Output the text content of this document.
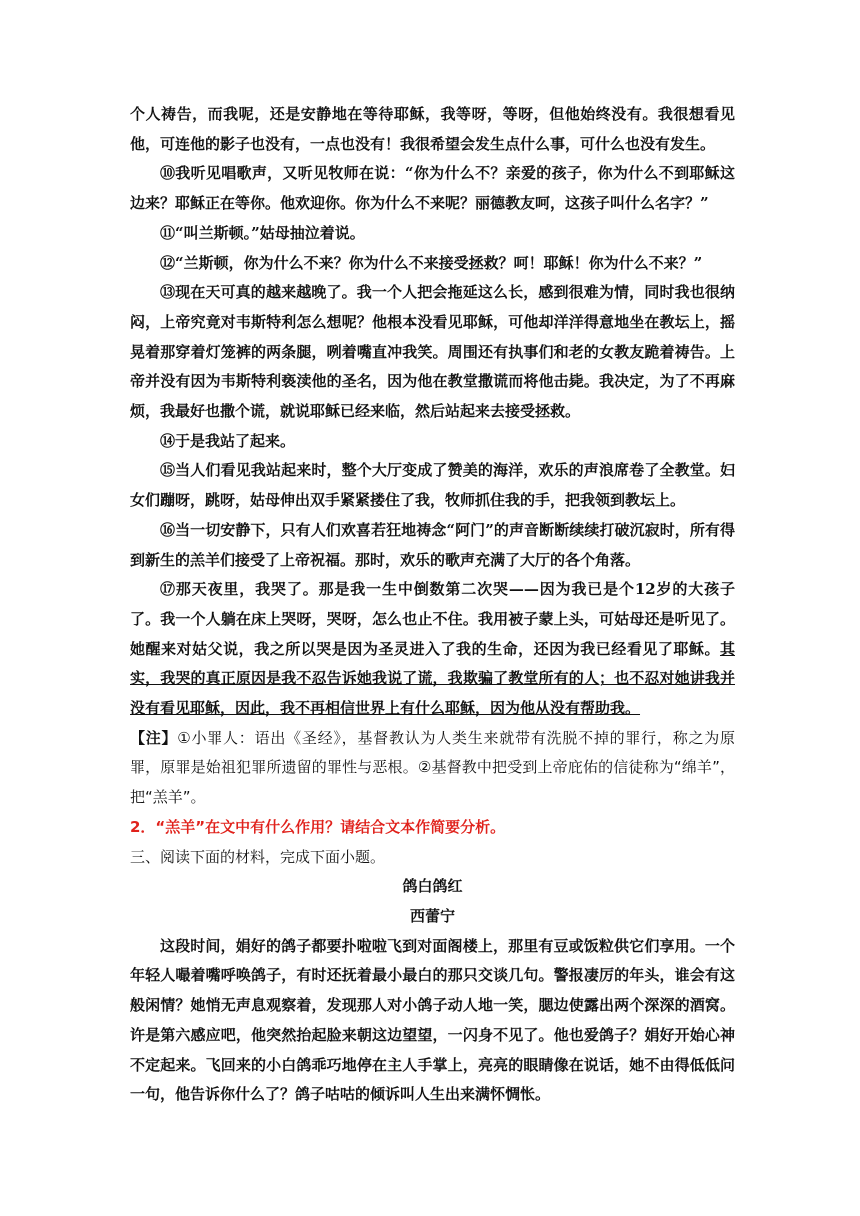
个人祷告，而我呢，还是安静地在等待耶稣，我等呀，等呀，但他始终没有。我很想看见他，可连他的影子也没有，一点也没有！我很希望会发生点什么事，可什么也没有发生。

⑩我听见唱歌声，又听见牧师在说：“你为什么不？亲爱的孩子，你为什么不到耶稣这边来？耶稣正在等你。他欢迎你。你为什么不来呢？丽德教友呵，这孩子叫什么名字？”

⑪“叫兰斯顿。”姑母抽泣着说。

⑫“兰斯顿，你为什么不来？你为什么不来接受拯救？呵！耶稣！你为什么不来？”

⑬现在天可真的越来越晚了。我一个人把会拖延这么长，感到很难为情，同时我也很纳闷，上帝究竟对韦斯特利怎么想呢？他根本没看见耶稣，可他却洋洋得意地坐在教坛上，摇晃着那穿着灯笼裤的两条腿，咧着嘴直冲我笑。周围还有执事们和老的女教友跪着祷告。上帝并没有因为韦斯特利亵渎他的圣名，因为他在教堂撒谎而将他击毙。我决定，为了不再麻烦，我最好也撒个谎，就说耶稣已经来临，然后站起来去接受拯救。

⑭于是我站了起来。

⑮当人们看见我站起来时，整个大厅变成了赞美的海洋，欢乐的声浪席卷了全教堂。妇女们蹦呀，跳呀，姑母伸出双手紧紧搂住了我，牧师抓住我的手，把我领到教坛上。

⑯当一切安静下，只有人们欢喜若狂地祷念“阿门”的声音断断续续打破沉寂时，所有得到新生的羔羊们接受了上帝祝福。那时，欢乐的歌声充满了大厅的各个角落。

⑰那天夜里，我哭了。那是我一生中倒数第二次哭——因为我已是个12岁的大孩子了。我一个人躺在床上哭呀，哭呀，怎么也止不住。我用被子蒙上头，可姑母还是听见了。她醒来对姑父说，我之所以哭是因为圣灵进入了我的生命，还因为我已经看见了耶稣。其实，我哭的真正原因是我不忍告诉她我说了谎，我欺骗了教堂所有的人；也不忍对她讲我并没有看见耶稣，因此，我不再相信世界上有什么耶稣，因为他从没有帮助我。

【注】①小罪人：语出《圣经》，基督教认为人类生来就带有洗脱不掉的罪行，称之为原罪，原罪是始祖犯罪所遗留的罪性与恶根。②基督教中把受到上帝庇佑的信徒称为“绵羊”，把“羔羊”。

2．“羔羊”在文中有什么作用？请结合文本作简要分析。

三、阅读下面的材料，完成下面小题。

鸽白鸽红

西蕾宁

这段时间，娟好的鸽子都要扑啦啦飞到对面阁楼上，那里有豆或饭粒供它们享用。一个年轻人嘬着嘴呼唤鸽子，有时还抚着最小最白的那只交谈几句。警报凄厉的年头，谁会有这般闲情？她悄无声息观察着，发现那人对小鸽子动人地一笑，腮边使露出两个深深的酒窝。许是第六感应吧，他突然抬起脸来朝这边望望，一闪身不见了。他也爱鸽子？娟好开始心神不定起来。飞回来的小白鸽乖巧地停在主人手掌上，亮亮的眼睛像在说话，她不由得低低问一句，他告诉你什么了？鸽子咕咕的倾诉叫人生出来满怀惆怅。
